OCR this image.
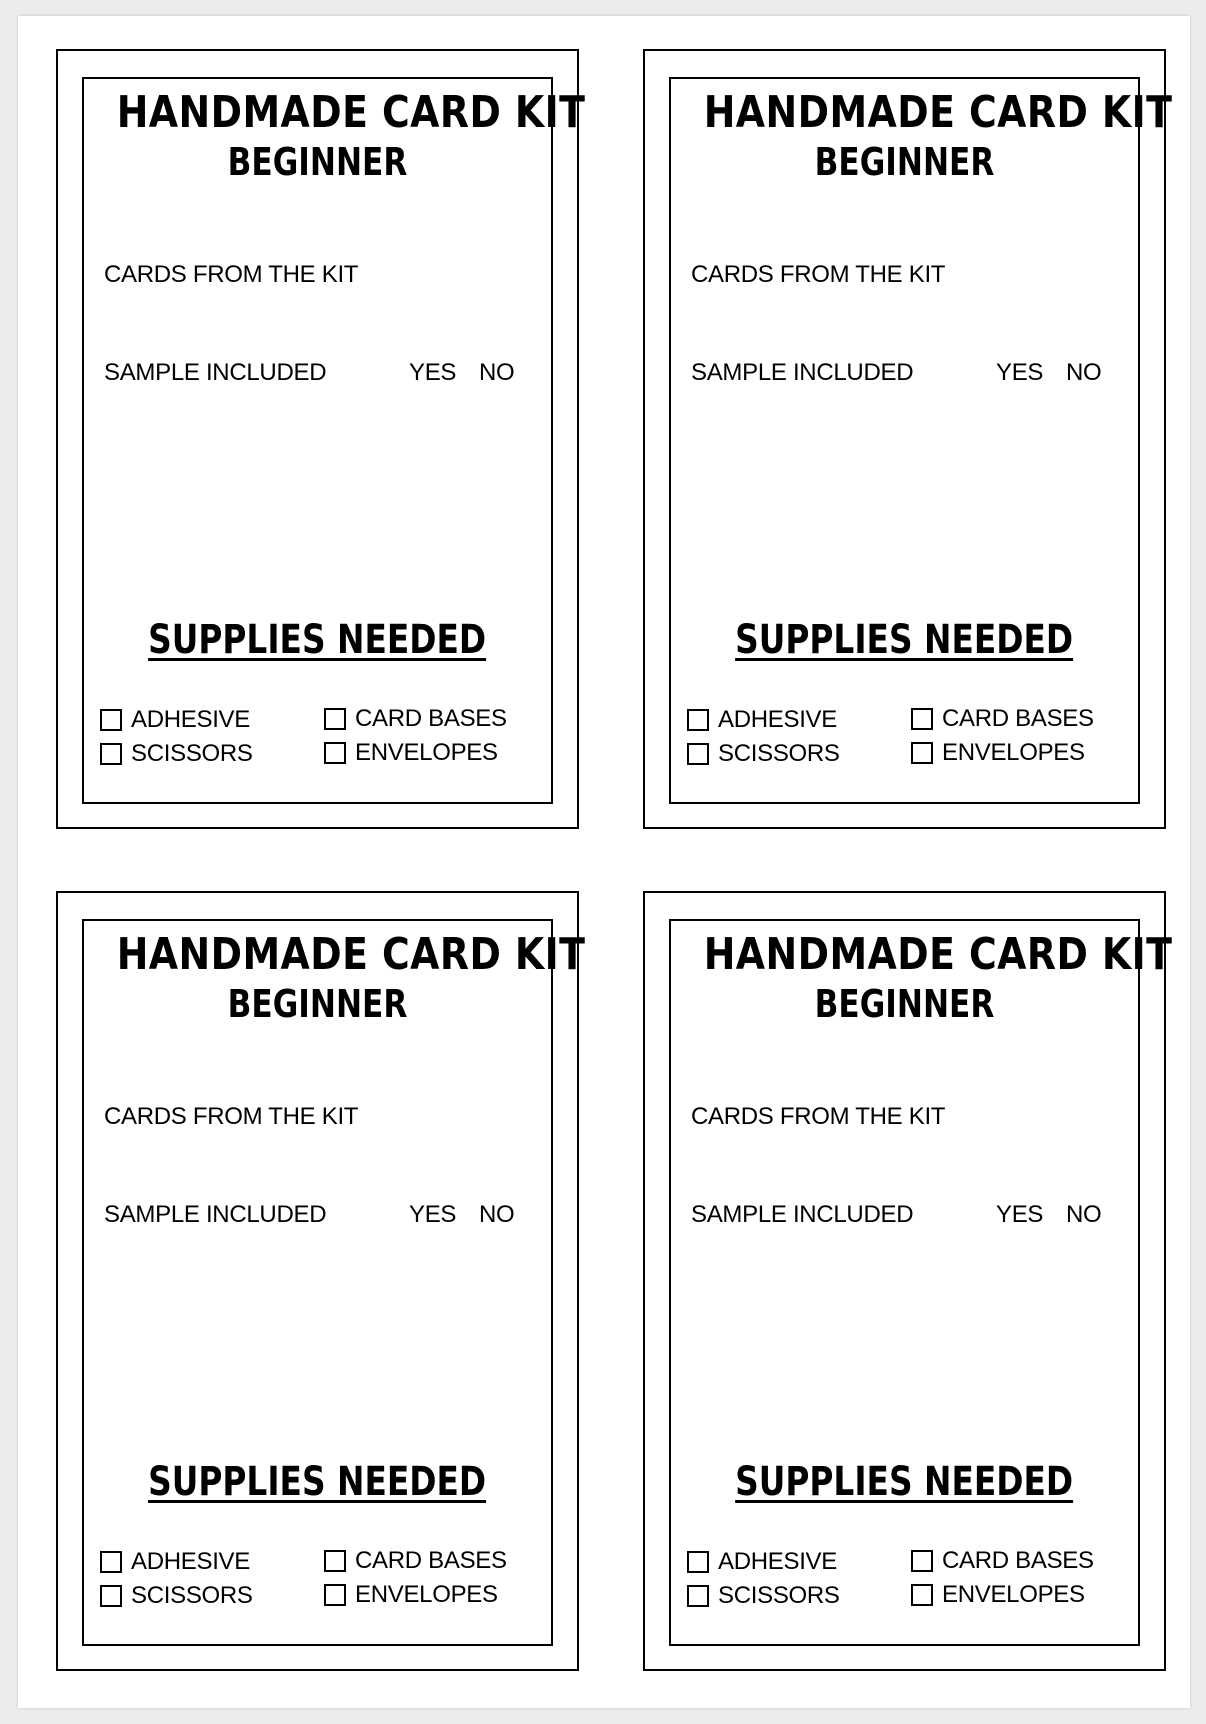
HANDMADE CARD KIT
BEGINNER
CARDS FROM THE KIT
SAMPLE INCLUDED	YES NO
SUPPLIES NEEDED
ADHESIVE	CARD BASES
SCISSORS	ENVELOPES
HANDMADE CARD KIT
BEGINNER
CARDS FROM THE KIT
SAMPLE INCLUDED	YES NO
SUPPLIES NEEDED
ADHESIVE	CARD BASES
SCISSORS	ENVELOPES
HANDMADE CARD KIT
BEGINNER
CARDS FROM THE KIT
SAMPLE INCLUDED	YES NO
SUPPLIES NEEDED
ADHESIVE	CARD BASES
SCISSORS	ENVELOPES
HANDMADE CARD KIT
BEGINNER
CARDS FROM THE KIT
SAMPLE INCLUDED	YES NO
SUPPLIES NEEDED
ADHESIVE	CARD BASES
SCISSORS	ENVELOPES
